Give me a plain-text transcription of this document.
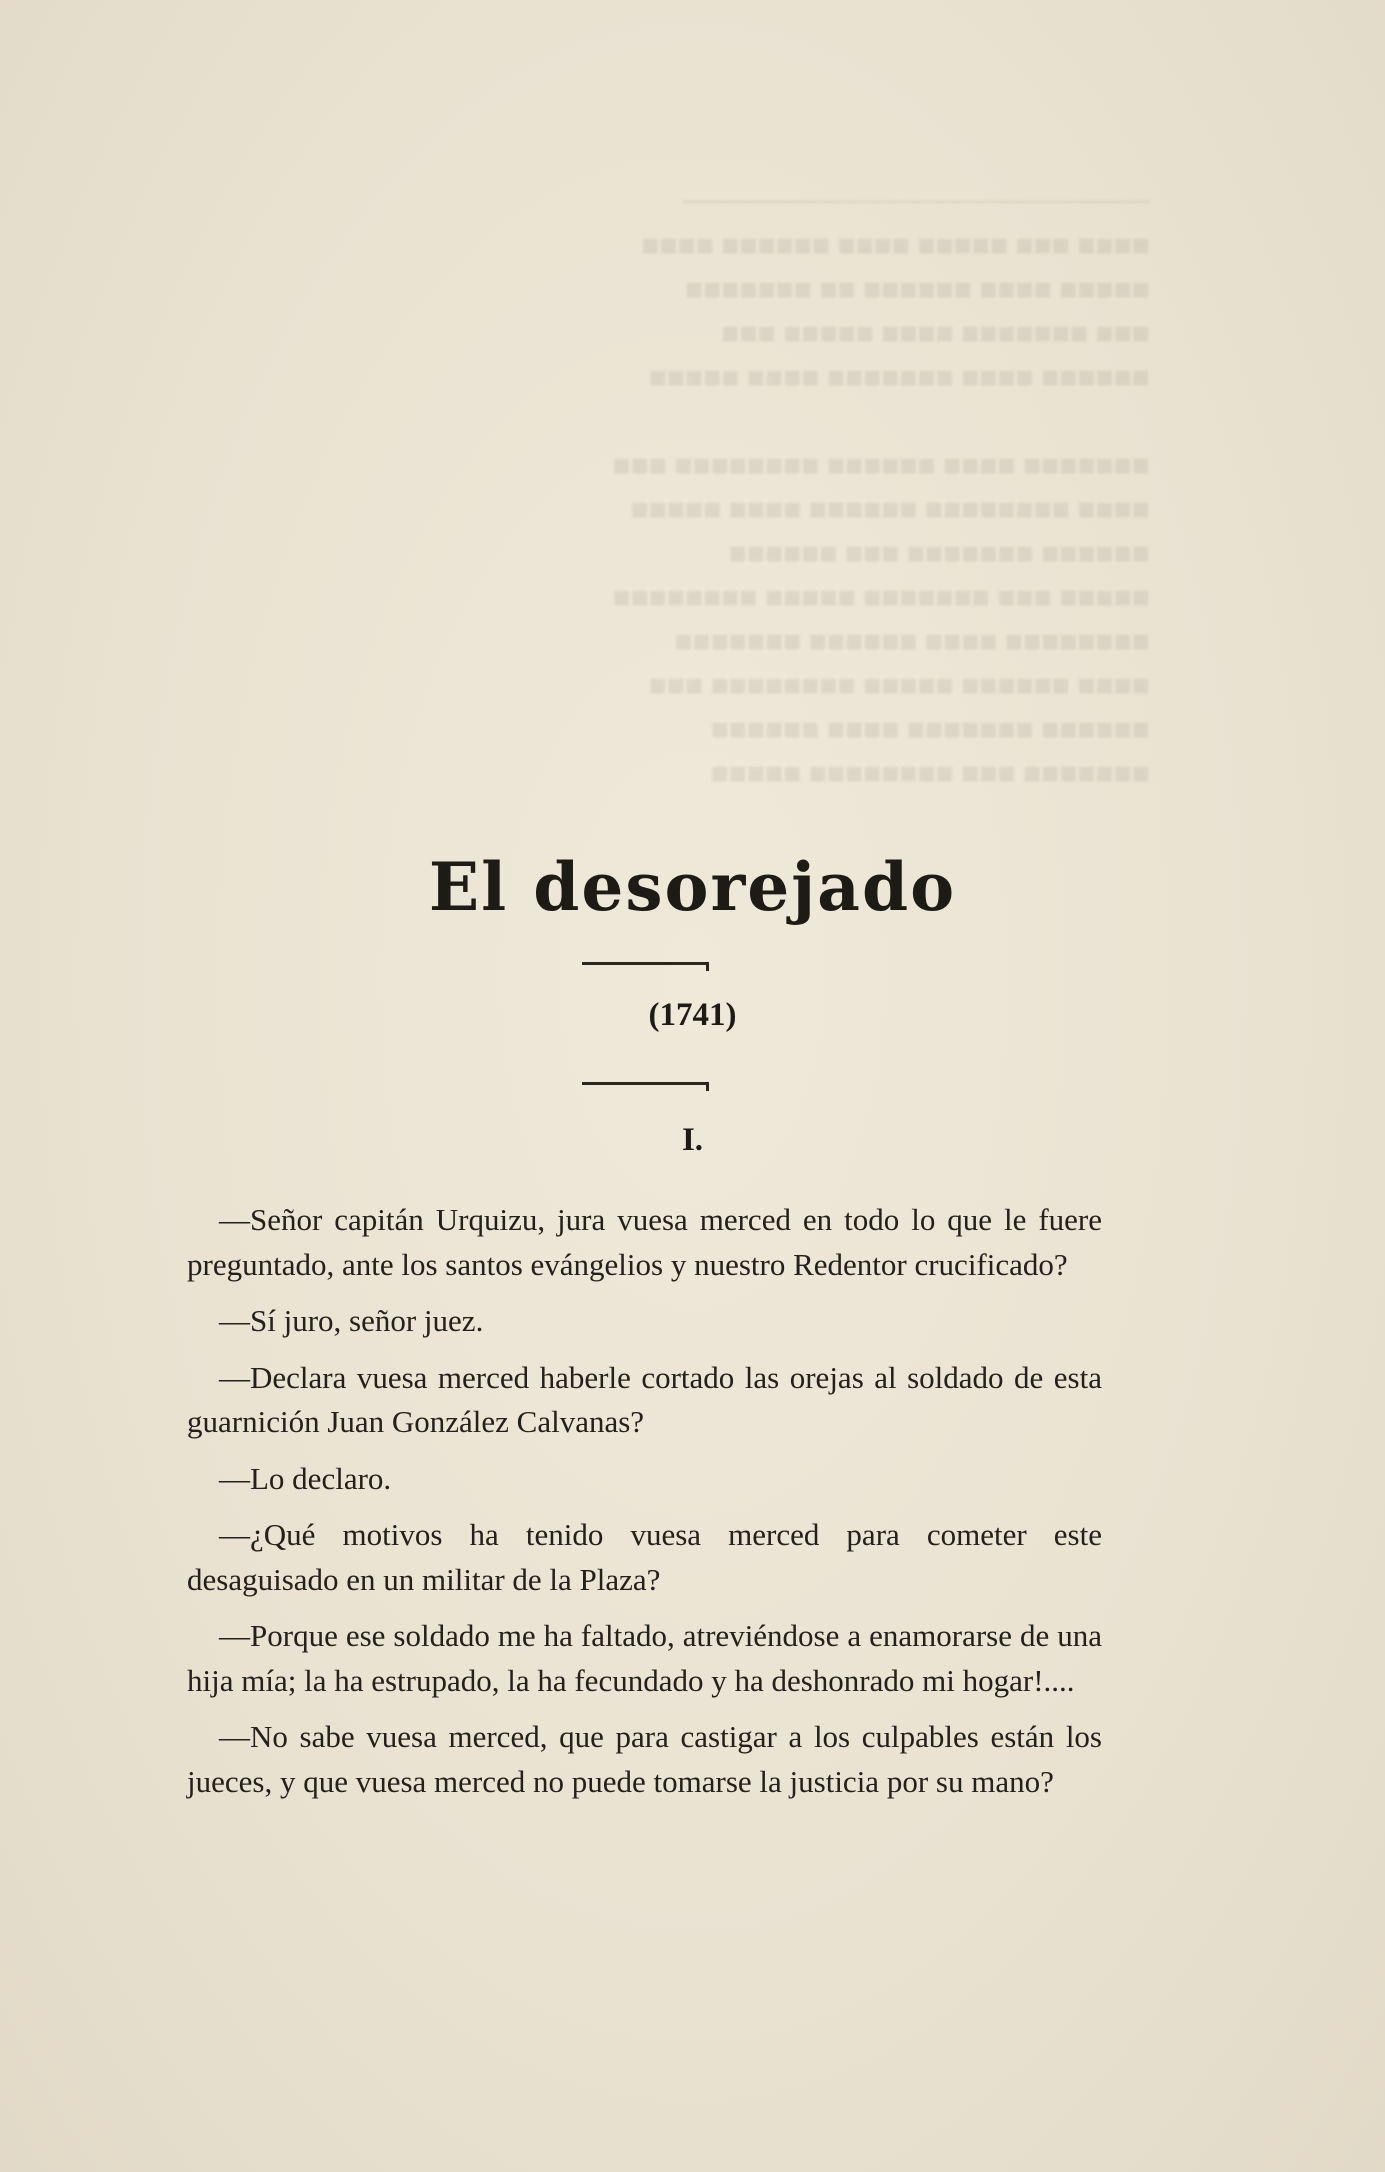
──────────────────────
■■■■ ■■■ ■■■■■ ■■■■ ■■■■■■ ■■■■
■■■■■ ■■■■ ■■■■■■ ■■ ■■■■■■■
■■■ ■■■■■■■ ■■■■ ■■■■■ ■■■
■■■■■■ ■■■■ ■■■■■■■ ■■■■ ■■■■■

■■■■■■■ ■■■■ ■■■■■■ ■■■■■■■■ ■■■
■■■■ ■■■■■■■■ ■■■■■■ ■■■■ ■■■■■
■■■■■■ ■■■■■■■ ■■■ ■■■■■■
■■■■■ ■■■ ■■■■■■■ ■■■■■ ■■■■■■■■
■■■■■■■■ ■■■■ ■■■■■■ ■■■■■■■
■■■■ ■■■■■■ ■■■■■ ■■■■■■■■ ■■■
■■■■■■ ■■■■■■■ ■■■■ ■■■■■■
■■■■■■■ ■■■ ■■■■■■■■ ■■■■■
El desorejado
(1741)
I.

—Señor capitán Urquizu, jura vuesa merced en todo lo que le fuere preguntado, ante los santos evángelios y nuestro Redentor crucificado?

—Sí juro, señor juez.

—Declara vuesa merced haberle cortado las orejas al soldado de esta guarnición Juan González Calvanas?

—Lo declaro.

—¿Qué motivos ha tenido vuesa merced para cometer este desaguisado en un militar de la Plaza?

—Porque ese soldado me ha faltado, atreviéndose a enamorarse de una hija mía; la ha estrupado, la ha fecundado y ha deshonrado mi hogar!....

—No sabe vuesa merced, que para castigar a los culpables están los jueces, y que vuesa merced no puede tomarse la justicia por su mano?
